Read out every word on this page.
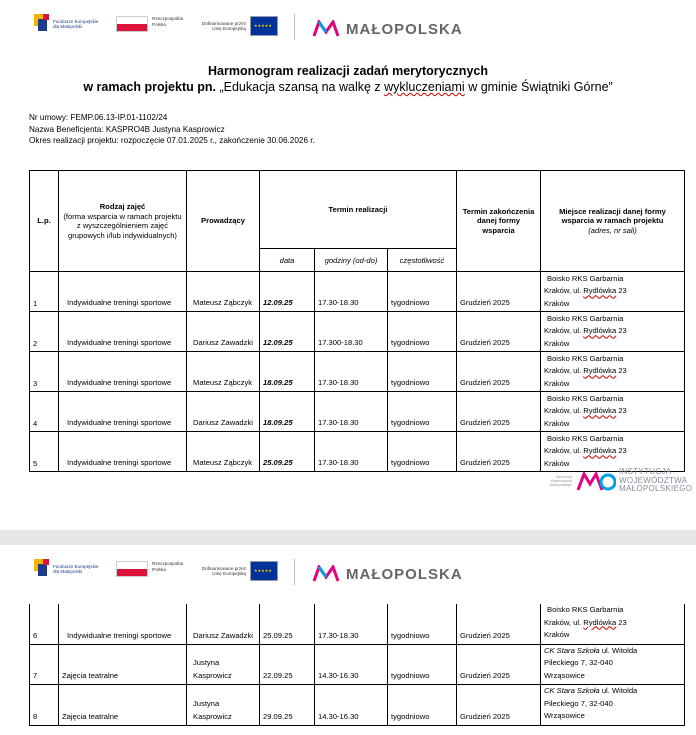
Fundusze Europejskie dla Małopolski
Rzeczpospolita Polska	Dofinansowane przez Unię Europejską ★★★★★	MAŁOPOLSKA
Harmonogram realizacji zadań merytorycznych
w ramach projektu pn. „Edukacja szansą na walkę z wykluczeniami w gminie Świątniki Górne”
Nr umowy: FEMP.06.13-IP.01-1102/24
Nazwa Beneficjenta: KASPRO4B Justyna Kasprowicz
Okres realizacji projektu: rozpoczęcie 07.01.2025 r., zakończenie 30.06.2026 r.
L.p.	Rodzaj zajęć
(forma wsparcia w ramach projektu z wyszczególnieniem zajęć grupowych i/lub indywidualnych)	Prowadzący	Termin realizacji			Termin zakończenia danej formy wsparcia	Miejsce realizacji danej formy wsparcia w ramach projektu
(adres, nr sali)
			data	godziny (od-do)	częstotliwość		
1	Indywidualne treningi sportowe	Mateusz Ząbczyk	12.09.25	17.30-18.30	tygodniowo	Grudzień 2025	Boisko RKS Garbarnia
Kraków, ul. Rydlówka 23
Kraków

2	Indywidualne treningi sportowe	Dariusz Zawadzki	12.09.25	17.300-18.30	tygodniowo	Grudzień 2025	Boisko RKS Garbarnia
Kraków, ul. Rydlówka 23
Kraków

3	Indywidualne treningi sportowe	Mateusz Ząbczyk	18.09.25	17.30-18.30	tygodniowo	Grudzień 2025	Boisko RKS Garbarnia
Kraków, ul. Rydlówka 23
Kraków

4	Indywidualne treningi sportowe	Dariusz Zawadzki	18.09.25	17.30-18.30	tygodniowo	Grudzień 2025	Boisko RKS Garbarnia
Kraków, ul. Rydlówka 23
Kraków

5	Indywidualne treningi sportowe	Mateusz Ząbczyk	25.09.25	17.30-18.30	tygodniowo	Grudzień 2025	Boisko RKS Garbarnia
Kraków, ul. Rydlówka 23
Kraków
Samorząd Województwa Małopolskiego
INSTYTUCJA
WOJEWÓDZTWA
MAŁOPOLSKIEGO
Fundusze Europejskie dla Małopolski
Rzeczpospolita Polska	Dofinansowane przez Unię Europejską ★★★★★	MAŁOPOLSKA
6	Indywidualne treningi sportowe	Dariusz Zawadzki	25.09.25	17.30-18.30	tygodniowo	Grudzień 2025	Boisko RKS Garbarnia
Kraków, ul. Rydlówka 23
Kraków

7	Zajęcia teatralne	Justyna Kasprowicz	22.09.25	14.30-16.30	tygodniowo	Grudzień 2025	CK Stara Szkoła ul. Witolda
Pileckiego 7, 32-040
Wrząsowice

8	Zajęcia teatralne	Justyna Kasprowicz	29.09.25	14.30-16.30	tygodniowo	Grudzień 2025	CK Stara Szkoła ul. Witolda
Pileckiego 7, 32-040
Wrząsowice
